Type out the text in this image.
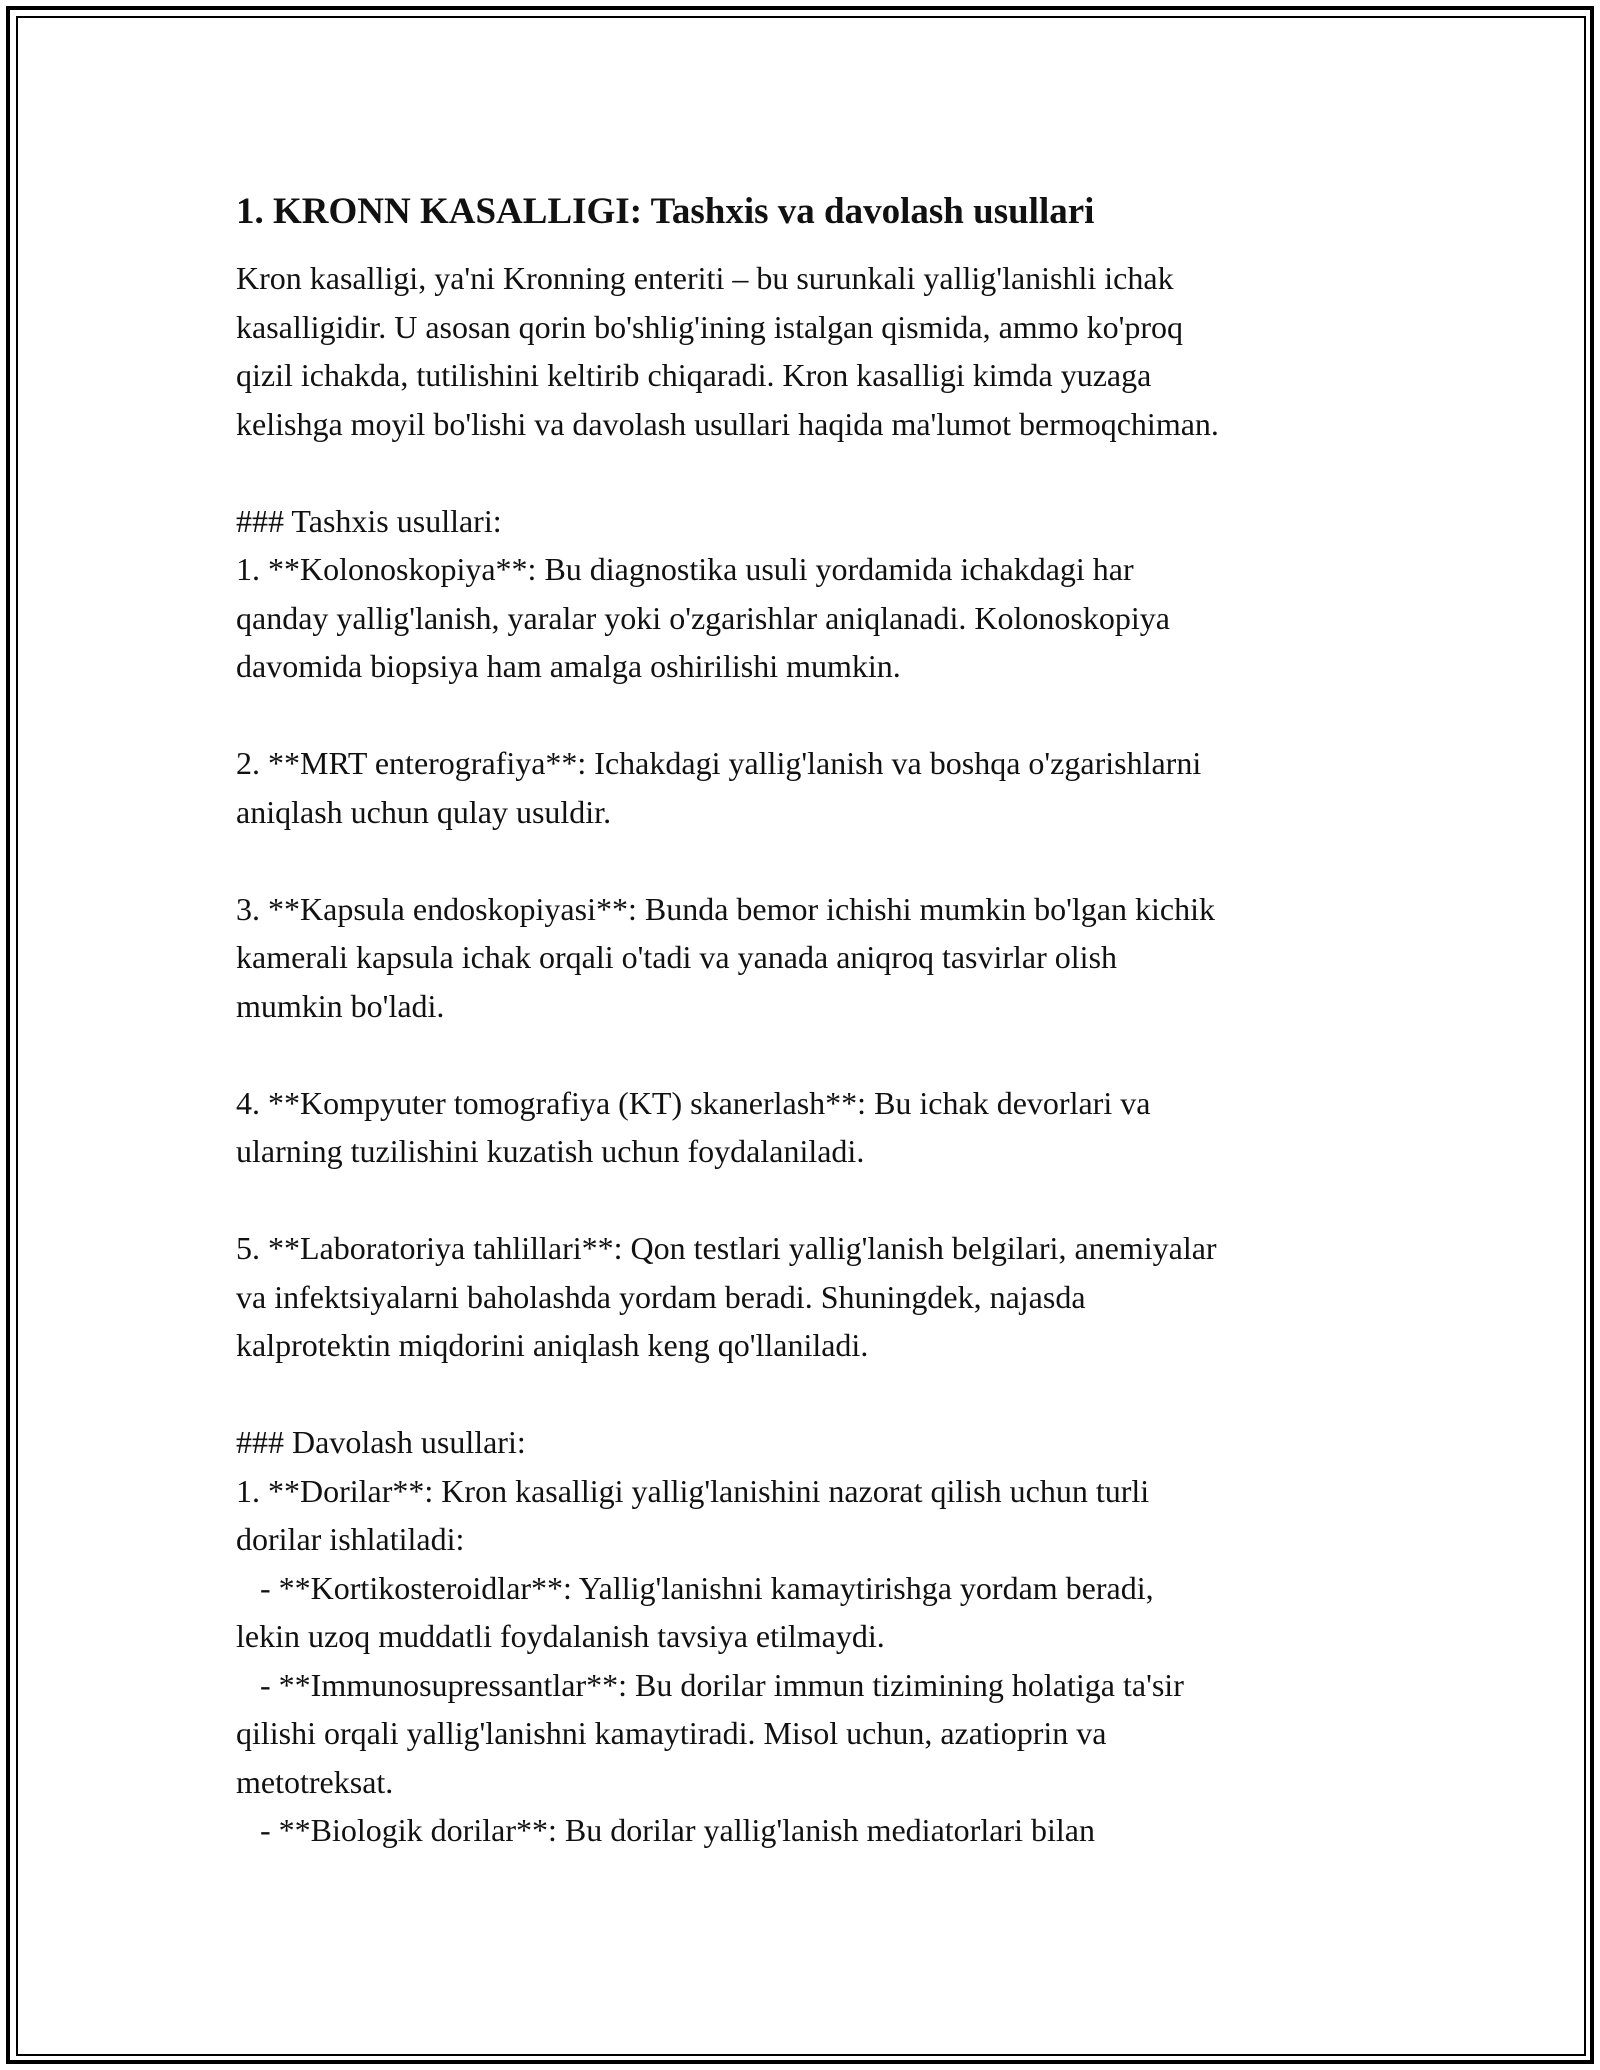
1. KRONN KASALLIGI: Tashxis va davolash usullari

Kron kasalligi, ya'ni Kronning enteriti – bu surunkali yallig'lanishli ichak

kasalligidir. U asosan qorin bo'shlig'ining istalgan qismida, ammo ko'proq

qizil ichakda, tutilishini keltirib chiqaradi. Kron kasalligi kimda yuzaga

kelishga moyil bo'lishi va davolash usullari haqida ma'lumot bermoqchiman.

### Tashxis usullari:

1. **Kolonoskopiya**: Bu diagnostika usuli yordamida ichakdagi har

qanday yallig'lanish, yaralar yoki o'zgarishlar aniqlanadi. Kolonoskopiya

davomida biopsiya ham amalga oshirilishi mumkin.

2. **MRT enterografiya**: Ichakdagi yallig'lanish va boshqa o'zgarishlarni

aniqlash uchun qulay usuldir.

3. **Kapsula endoskopiyasi**: Bunda bemor ichishi mumkin bo'lgan kichik

kamerali kapsula ichak orqali o'tadi va yanada aniqroq tasvirlar olish

mumkin bo'ladi.

4. **Kompyuter tomografiya (KT) skanerlash**: Bu ichak devorlari va

ularning tuzilishini kuzatish uchun foydalaniladi.

5. **Laboratoriya tahlillari**: Qon testlari yallig'lanish belgilari, anemiyalar

va infektsiyalarni baholashda yordam beradi. Shuningdek, najasda

kalprotektin miqdorini aniqlash keng qo'llaniladi.

### Davolash usullari:

1. **Dorilar**: Kron kasalligi yallig'lanishini nazorat qilish uchun turli

dorilar ishlatiladi:

- **Kortikosteroidlar**: Yallig'lanishni kamaytirishga yordam beradi,

lekin uzoq muddatli foydalanish tavsiya etilmaydi.

- **Immunosupressantlar**: Bu dorilar immun tizimining holatiga ta'sir

qilishi orqali yallig'lanishni kamaytiradi. Misol uchun, azatioprin va

metotreksat.

- **Biologik dorilar**: Bu dorilar yallig'lanish mediatorlari bilan
